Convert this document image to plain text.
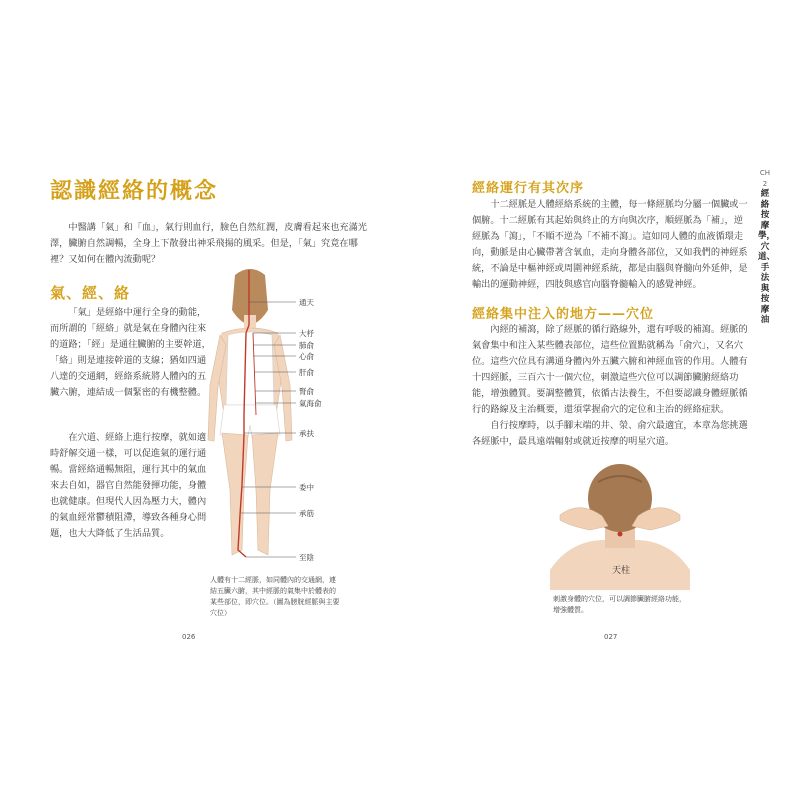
認識經絡的概念

中醫講「氣」和「血」，氣行則血行，臉色自然紅潤，皮膚看起來也充滿光澤，臟腑自然調暢，全身上下散發出神采飛揚的風采。但是，「氣」究竟在哪裡？又如何在體內流動呢？

氣、經、絡

「氣」是經絡中運行全身的動能，而所謂的「經絡」就是氣在身體內往來的道路；「經」是通往臟腑的主要幹道，「絡」則是連接幹道的支線；猶如四通八達的交通網，經絡系統將人體內的五臟六腑，連結成一個緊密的有機整體。

在穴道、經絡上進行按摩，就如適時舒解交通一樣，可以促進氣的運行通暢。當經絡通暢無阻，運行其中的氣血來去自如，器官自然能發揮功能，身體也就健康。但現代人因為壓力大，體內的氣血經常鬱積阻滯，導致各種身心問題，也大大降低了生活品質。

通天
大杼
肺俞
心俞
肝俞
腎俞
氣海俞
承扶
委中
承筋
至陰

人體有十二經脈，如同體內的交通網，連結五臟六腑，其中經脈的氣集中於體表的某些部位，即穴位。（圖為膀胱經脈與主要穴位）

026
經絡運行有其次序

十二經脈是人體經絡系統的主體，每一條經脈均分屬一個臟或一個腑。十二經脈有其起始與終止的方向與次序，順經脈為「補」，逆經脈為「瀉」，「不順不逆為「不補不瀉」。這如同人體的血液循環走向，動脈是由心臟帶著含氧血，走向身體各部位，又如我們的神經系統，不論是中樞神經或周圍神經系統，都是由腦與脊髓向外延伸，是輸出的運動神經，四肢與感官向腦脊髓輸入的感覺神經。

經絡集中注入的地方——穴位

內經的補瀉，除了經脈的循行路線外，還有呼吸的補瀉。經脈的氣會集中和注入某些體表部位，這些位置點就稱為「俞穴」，又名穴位。這些穴位具有溝通身體內外五臟六腑和神經血管的作用。人體有十四經脈，三百六十一個穴位，刺激這些穴位可以調節臟腑經絡功能，增強體質。要調整體質，依循古法養生，不但要認識身體經脈循行的路線及主治概要，還須掌握俞穴的定位和主治的經絡症狀。

自行按摩時，以手腳末端的井、滎、俞穴最適宜，本章為您挑選各經脈中，最具遠端輻射或就近按摩的明星穴道。

027
CH2
經絡按摩學，穴道、手法與按摩油
天柱

刺激身體的穴位，可以調節臟腑經絡功能，增強體質。
